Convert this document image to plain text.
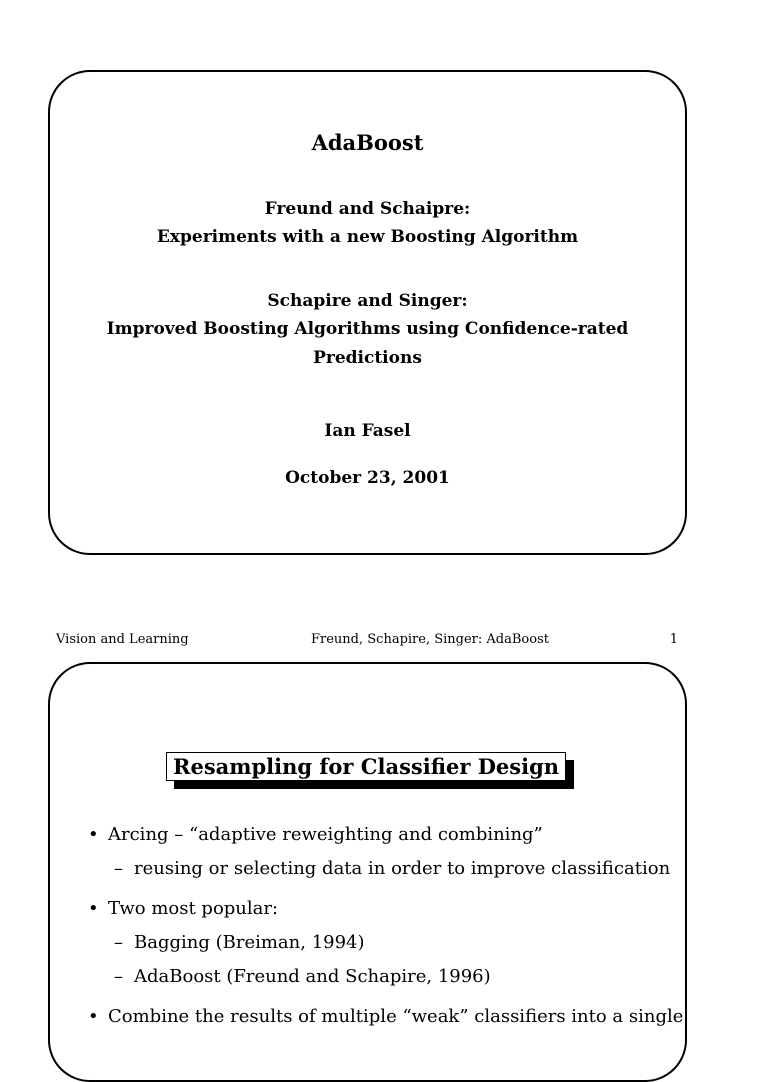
AdaBoost
Freund and Schaipre:
Experiments with a new Boosting Algorithm
Schapire and Singer:
Improved Boosting Algorithms using Confidence-rated
Predictions
Ian Fasel
October 23, 2001
Vision and Learning	Freund, Schapire, Singer: AdaBoost	1
Resampling for Classifier Design
• Arcing – “adaptive reweighting and combining”
– reusing or selecting data in order to improve classification
• Two most popular:
– Bagging (Breiman, 1994)
– AdaBoost (Freund and Schapire, 1996)
• Combine the results of multiple “weak” classifiers into a single
